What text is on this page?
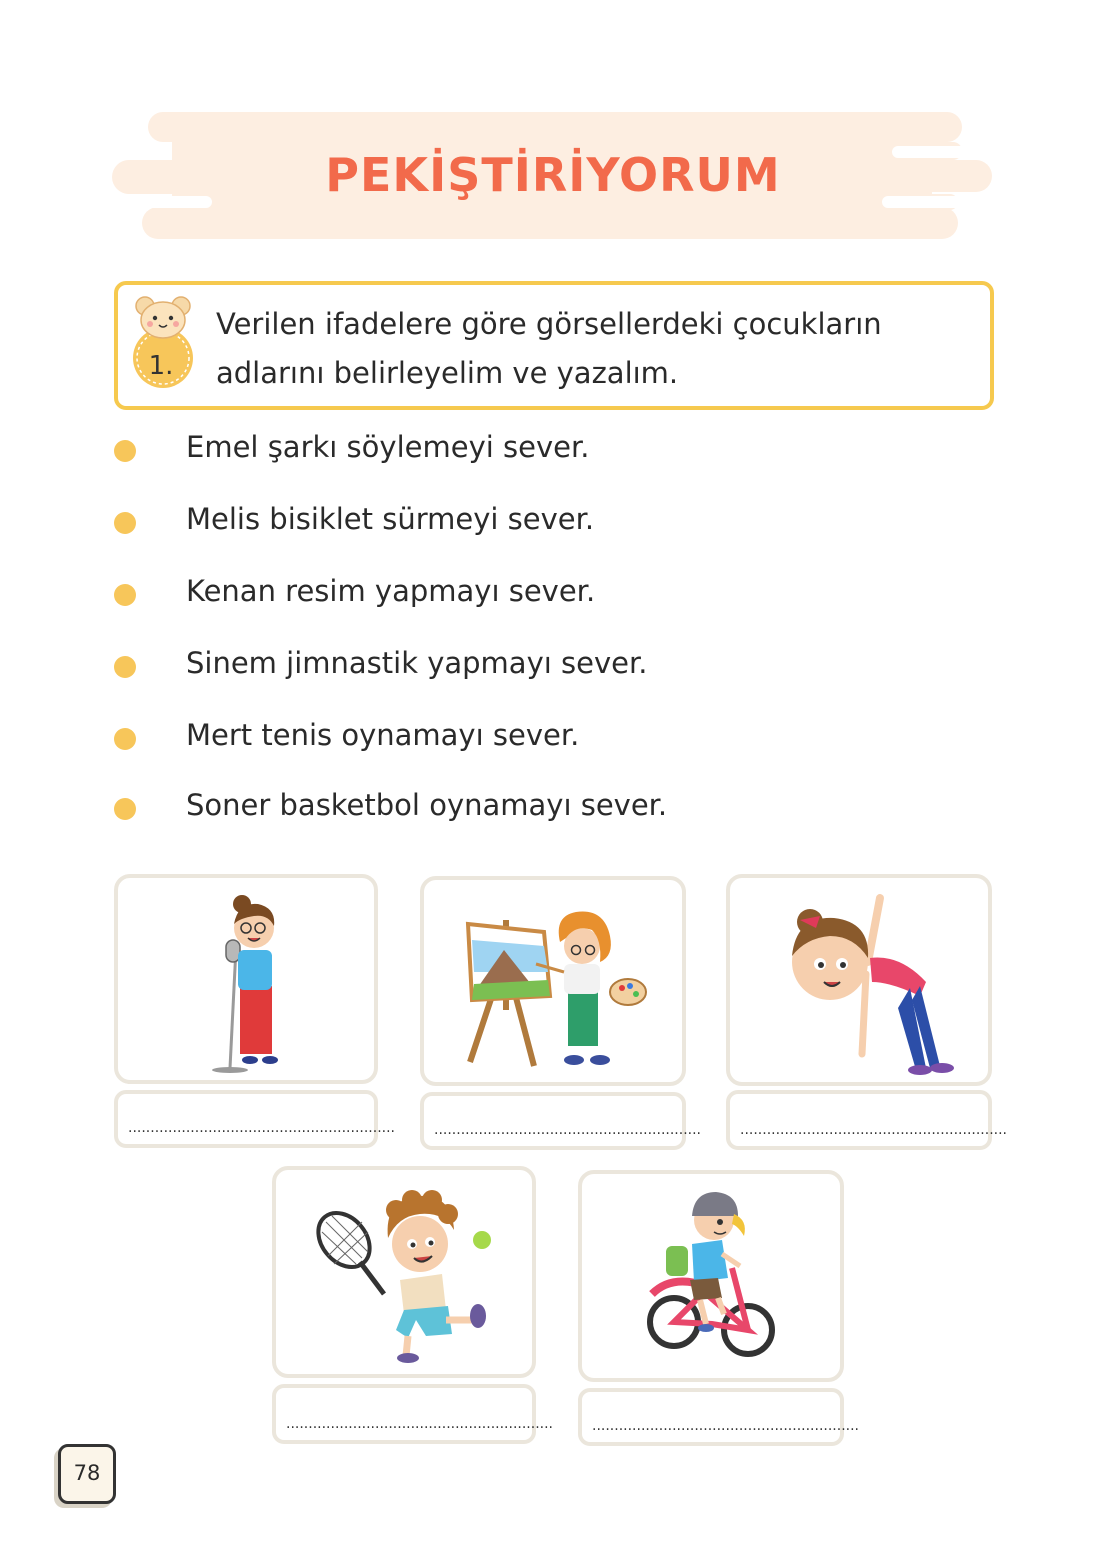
PEKİŞTİRİYORUM
1.
Verilen ifadelere göre görsellerdeki çocukların
adlarını belirleyelim ve yazalım.
Emel şarkı söylemeyi sever.
Melis bisiklet sürmeyi sever.
Kenan resim yapmayı sever.
Sinem jimnastik yapmayı sever.
Mert tenis oynamayı sever.
Soner basketbol oynamayı sever.
............................................................	............................................................	............................................................
............................................................	............................................................
78
